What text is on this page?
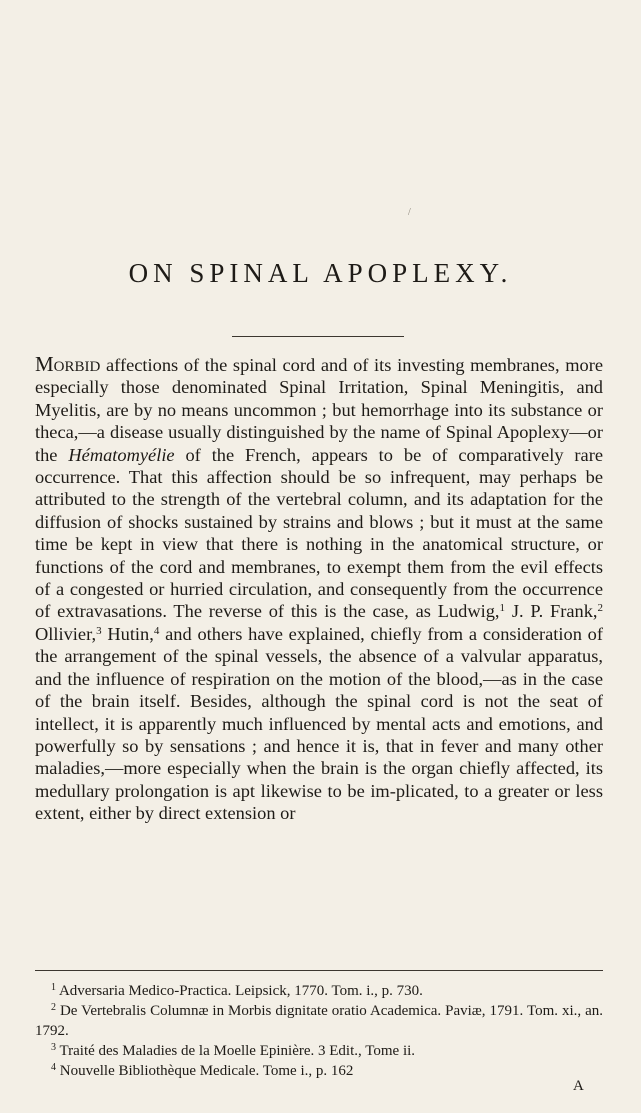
/
ON SPINAL APOPLEXY.

Morbid affections of the spinal cord and of its investing membranes, more especially those denominated Spinal Irritation, Spinal Meningitis, and Myelitis, are by no means uncommon ; but hemorrhage into its substance or theca,—a disease usually distinguished by the name of Spinal Apoplexy—or the Hématomyélie of the French, appears to be of comparatively rare occurrence. That this affection should be so infrequent, may perhaps be attributed to the strength of the vertebral column, and its adaptation for the diffusion of shocks sustained by strains and blows ; but it must at the same time be kept in view that there is nothing in the anatomical structure, or functions of the cord and membranes, to exempt them from the evil effects of a congested or hurried circulation, and consequently from the occurrence of extravasations. The reverse of this is the case, as Ludwig,$^1$ J. P. Frank,$^2$ Ollivier,$^3$ Hutin,$^4$ and others have explained, chiefly from a consideration of the arrangement of the spinal vessels, the absence of a valvular apparatus, and the influence of respiration on the motion of the blood,—as in the case of the brain itself. Besides, although the spinal cord is not the seat of intellect, it is apparently much influenced by mental acts and emotions, and powerfully so by sensations ; and hence it is, that in fever and many other maladies,—more especially when the brain is the organ chiefly affected, its medullary prolongation is apt likewise to be im-plicated, to a greater or less extent, either by direct extension or

$^1$ Adversaria Medico-Practica. Leipsick, 1770. Tom. i., p. 730.
$^2$ De Vertebralis Columnæ in Morbis dignitate oratio Academica. Paviæ, 1791. Tom. xi., an. 1792.
$^3$ Traité des Maladies de la Moelle Epinière. 3 Edit., Tome ii.
$^4$ Nouvelle Bibliothèque Medicale. Tome i., p. 162
A
